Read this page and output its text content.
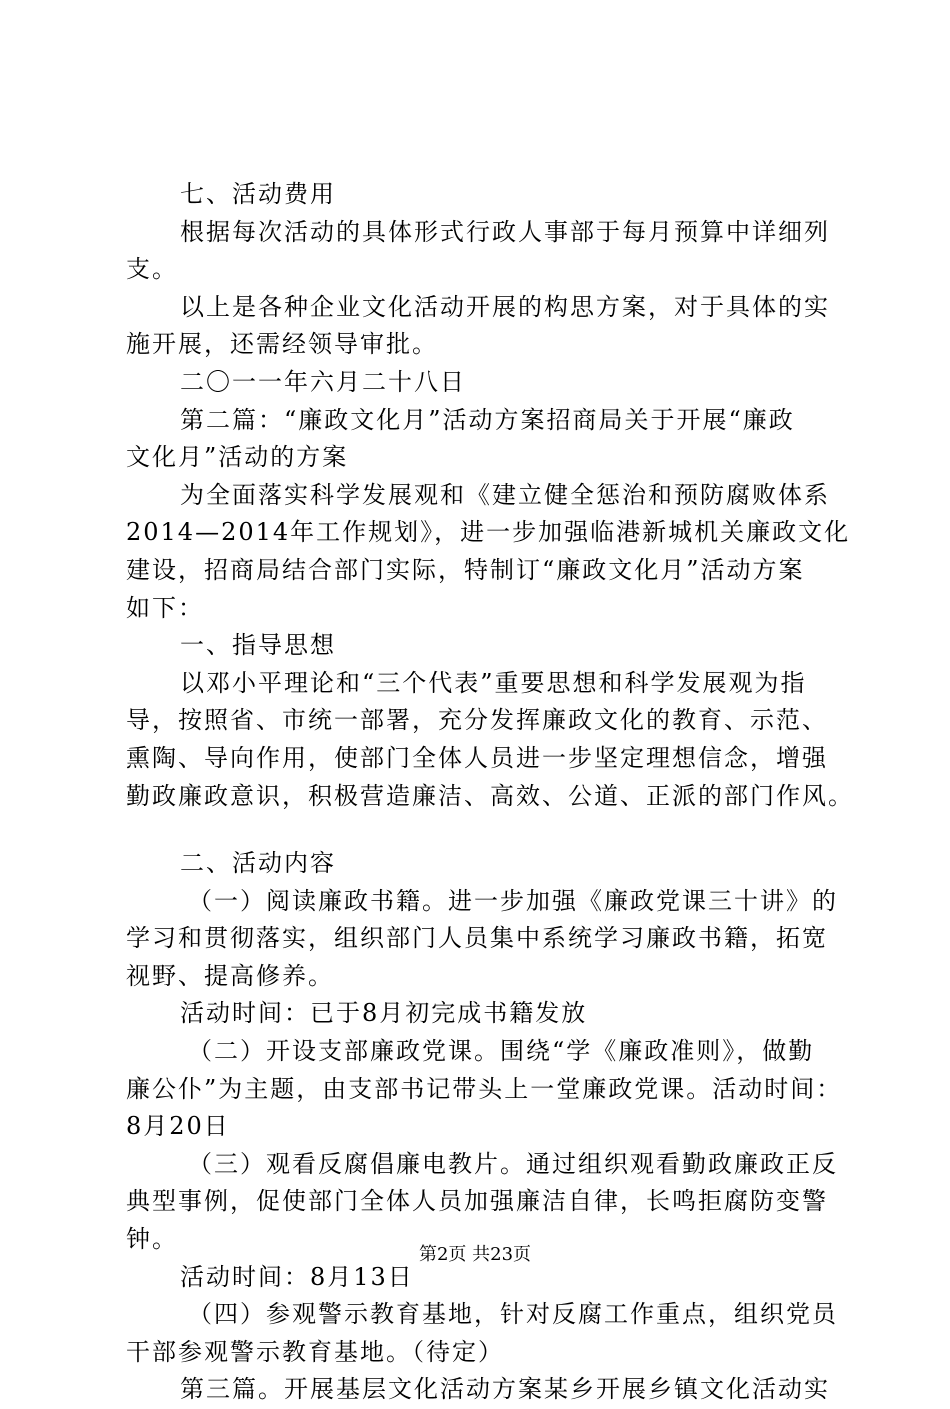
七、活动费用
根据每次活动的具体形式行政人事部于每月预算中详细列
支。
以上是各种企业文化活动开展的构思方案，对于具体的实
施开展，还需经领导审批。
二〇一一年六月二十八日
第二篇：“廉政文化月”活动方案招商局关于开展“廉政
文化月”活动的方案
为全面落实科学发展观和《建立健全惩治和预防腐败体系
2014—2014年工作规划》，进一步加强临港新城机关廉政文化
建设，招商局结合部门实际，特制订“廉政文化月”活动方案
如下：
一、指导思想
以邓小平理论和“三个代表”重要思想和科学发展观为指
导，按照省、市统一部署，充分发挥廉政文化的教育、示范、
熏陶、导向作用，使部门全体人员进一步坚定理想信念，增强
勤政廉政意识，积极营造廉洁、高效、公道、正派的部门作风。
二、活动内容
（一）阅读廉政书籍。进一步加强《廉政党课三十讲》的
学习和贯彻落实，组织部门人员集中系统学习廉政书籍，拓宽
视野、提高修养。
活动时间：已于8月初完成书籍发放
（二）开设支部廉政党课。围绕“学《廉政准则》，做勤
廉公仆”为主题，由支部书记带头上一堂廉政党课。活动时间：
8月20日
（三）观看反腐倡廉电教片。通过组织观看勤政廉政正反
典型事例，促使部门全体人员加强廉洁自律，长鸣拒腐防变警
钟。
活动时间：8月13日
（四）参观警示教育基地，针对反腐工作重点，组织党员
干部参观警示教育基地。（待定）
第三篇。开展基层文化活动方案某乡开展乡镇文化活动实
第2页 共23页
